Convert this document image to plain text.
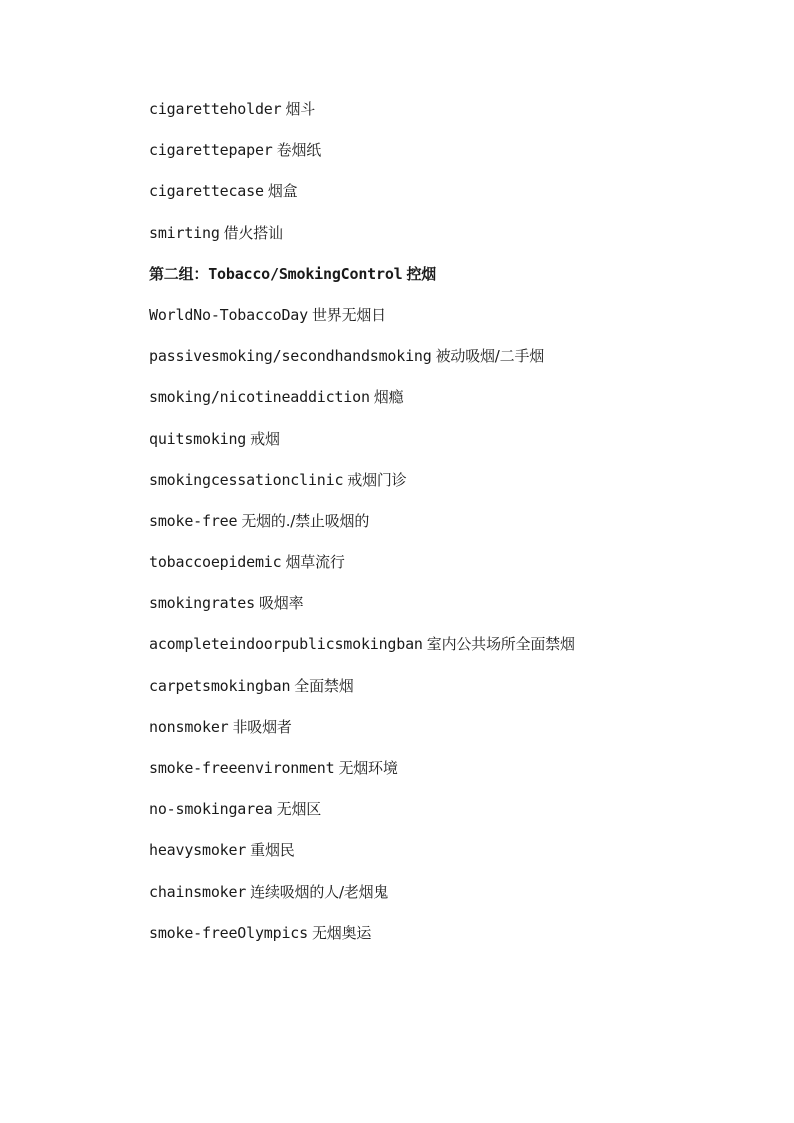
cigaretteholder 烟斗
cigarettepaper 卷烟纸
cigarettecase 烟盒
smirting 借火搭讪
第二组：Tobacco/SmokingControl 控烟
WorldNo-TobaccoDay 世界无烟日
passivesmoking/secondhandsmoking 被动吸烟/二手烟
smoking/nicotineaddiction 烟瘾
quitsmoking 戒烟
smokingcessationclinic 戒烟门诊
smoke-free 无烟的./禁止吸烟的
tobaccoepidemic 烟草流行
smokingrates 吸烟率
acompleteindoorpublicsmokingban 室内公共场所全面禁烟
carpetsmokingban 全面禁烟
nonsmoker 非吸烟者
smoke-freeenvironment 无烟环境
no-smokingarea 无烟区
heavysmoker 重烟民
chainsmoker 连续吸烟的人/老烟鬼
smoke-freeOlympics 无烟奥运
